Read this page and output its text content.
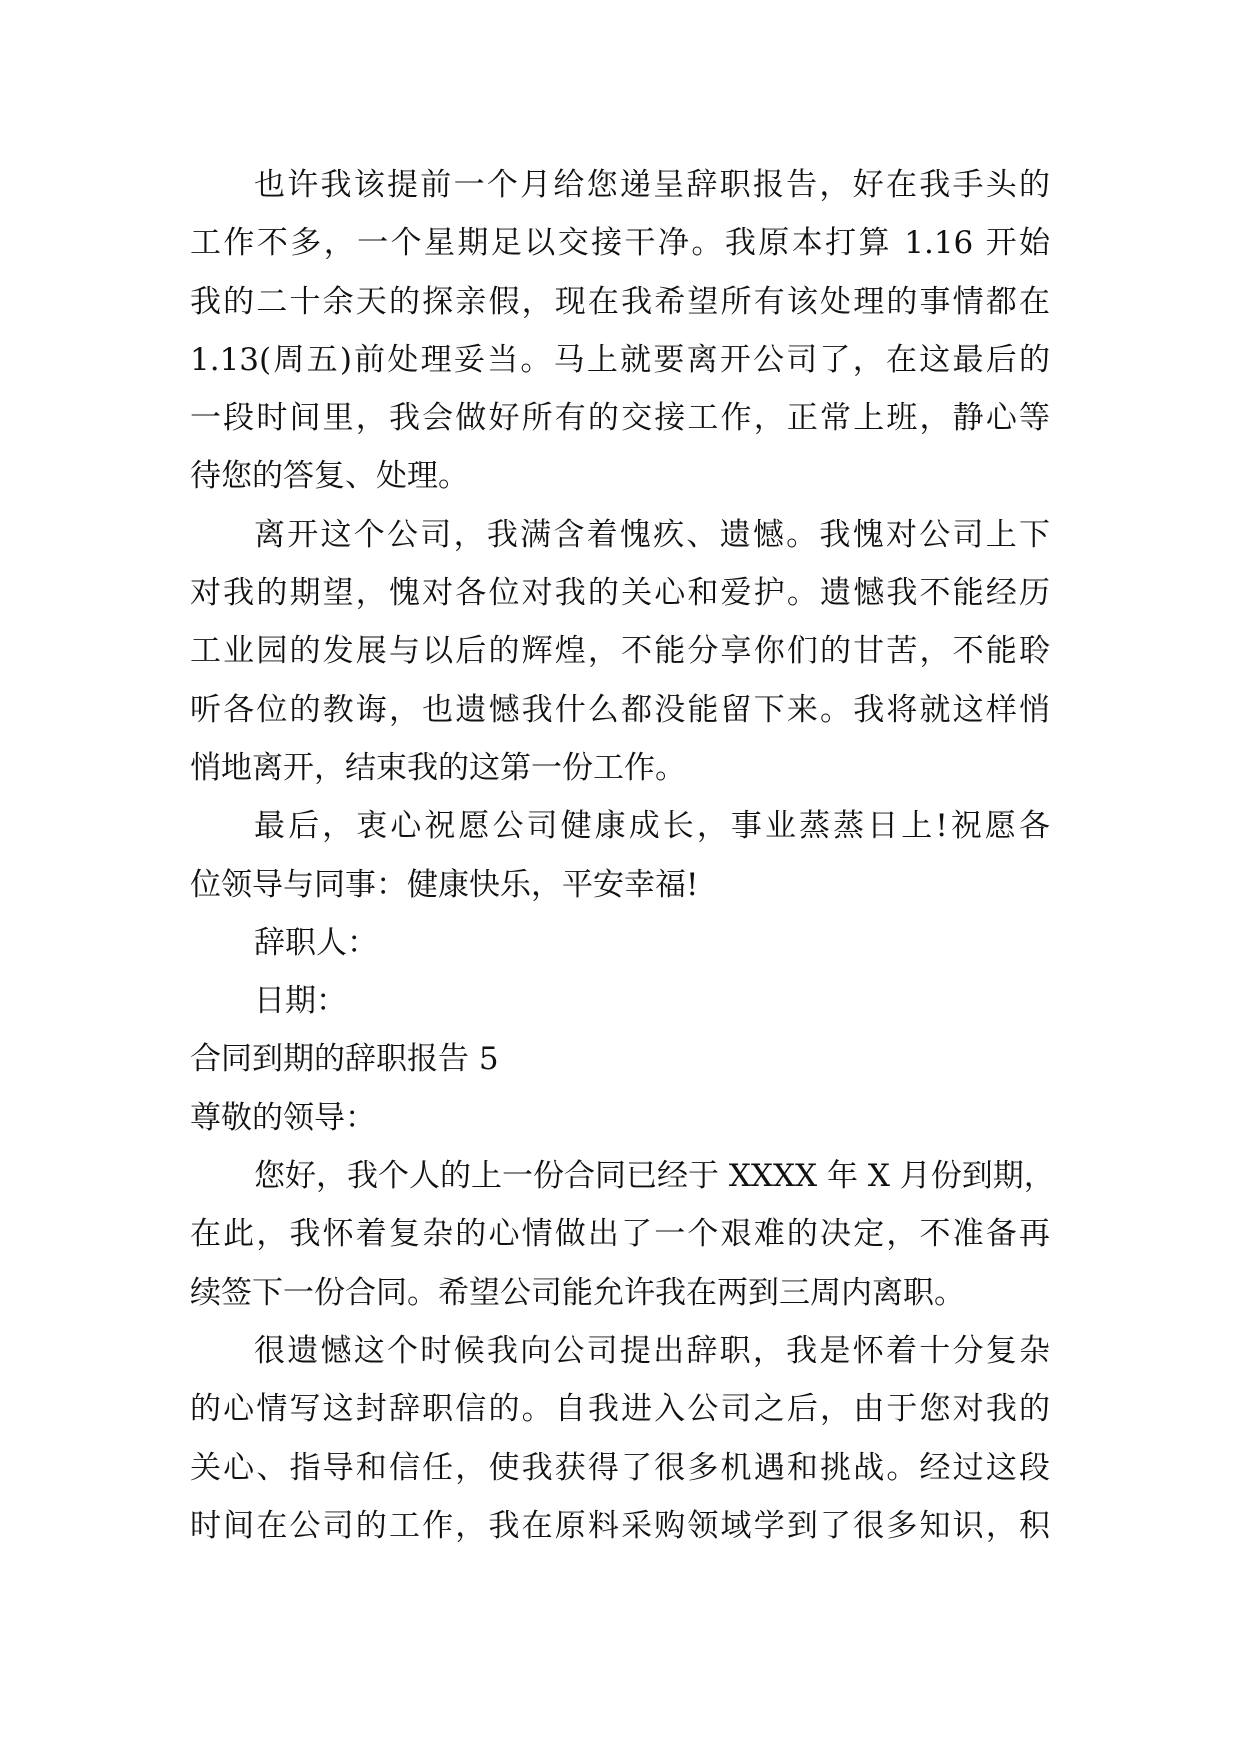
也许我该提前一个月给您递呈辞职报告，好在我手头的
工作不多，一个星期足以交接干净。我原本打算 1.16 开始
我的二十余天的探亲假，现在我希望所有该处理的事情都在
1.13(周五)前处理妥当。马上就要离开公司了，在这最后的
一段时间里，我会做好所有的交接工作，正常上班，静心等
待您的答复、处理。
离开这个公司，我满含着愧疚、遗憾。我愧对公司上下
对我的期望，愧对各位对我的关心和爱护。遗憾我不能经历
工业园的发展与以后的辉煌，不能分享你们的甘苦，不能聆
听各位的教诲，也遗憾我什么都没能留下来。我将就这样悄
悄地离开，结束我的这第一份工作。
最后，衷心祝愿公司健康成长，事业蒸蒸日上!祝愿各
位领导与同事：健康快乐，平安幸福!
辞职人：
日期：
合同到期的辞职报告 5
尊敬的领导：
您好，我个人的上一份合同已经于 XXXX 年 X 月份到期，
在此，我怀着复杂的心情做出了一个艰难的决定，不准备再
续签下一份合同。希望公司能允许我在两到三周内离职。
很遗憾这个时候我向公司提出辞职，我是怀着十分复杂
的心情写这封辞职信的。自我进入公司之后，由于您对我的
关心、指导和信任，使我获得了很多机遇和挑战。经过这段
时间在公司的工作，我在原料采购领域学到了很多知识，积
